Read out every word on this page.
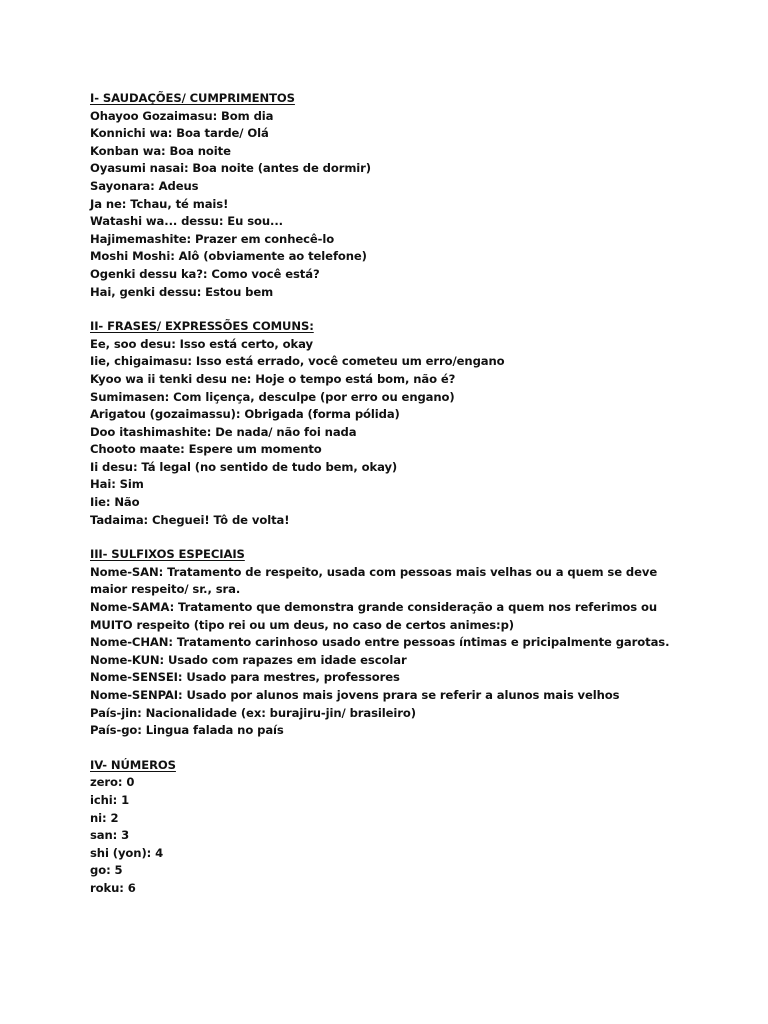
I- SAUDAÇÕES/ CUMPRIMENTOS
Ohayoo Gozaimasu: Bom dia
Konnichi wa: Boa tarde/ Olá
Konban wa: Boa noite
Oyasumi nasai: Boa noite (antes de dormir)
Sayonara: Adeus
Ja ne: Tchau, té mais!
Watashi wa... dessu: Eu sou...
Hajimemashite: Prazer em conhecê-lo
Moshi Moshi: Alô (obviamente ao telefone)
Ogenki dessu ka?: Como você está?
Hai, genki dessu: Estou bem
II- FRASES/ EXPRESSÕES COMUNS:
Ee, soo desu: Isso está certo, okay
Iie, chigaimasu: Isso está errado, você cometeu um erro/engano
Kyoo wa ii tenki desu ne: Hoje o tempo está bom, não é?
Sumimasen: Com liçença, desculpe (por erro ou engano)
Arigatou (gozaimassu): Obrigada (forma pólida)
Doo itashimashite: De nada/ não foi nada
Chooto maate: Espere um momento
Ii desu: Tá legal (no sentido de tudo bem, okay)
Hai: Sim
Iie: Não
Tadaima: Cheguei! Tô de volta!
III- SULFIXOS ESPECIAIS
Nome-SAN: Tratamento de respeito, usada com pessoas mais velhas ou a quem se deve maior respeito/ sr., sra.
Nome-SAMA: Tratamento que demonstra grande consideração a quem nos referimos ou MUITO respeito (tipo rei ou um deus, no caso de certos animes:p)
Nome-CHAN: Tratamento carinhoso usado entre pessoas íntimas e pricipalmente garotas.
Nome-KUN: Usado com rapazes em idade escolar
Nome-SENSEI: Usado para mestres, professores
Nome-SENPAI: Usado por alunos mais jovens prara se referir a alunos mais velhos
País-jin: Nacionalidade (ex: burajiru-jin/ brasileiro)
País-go: Lingua falada no país
IV- NÚMEROS
zero: 0
ichi: 1
ni: 2
san: 3
shi (yon): 4
go: 5
roku: 6
